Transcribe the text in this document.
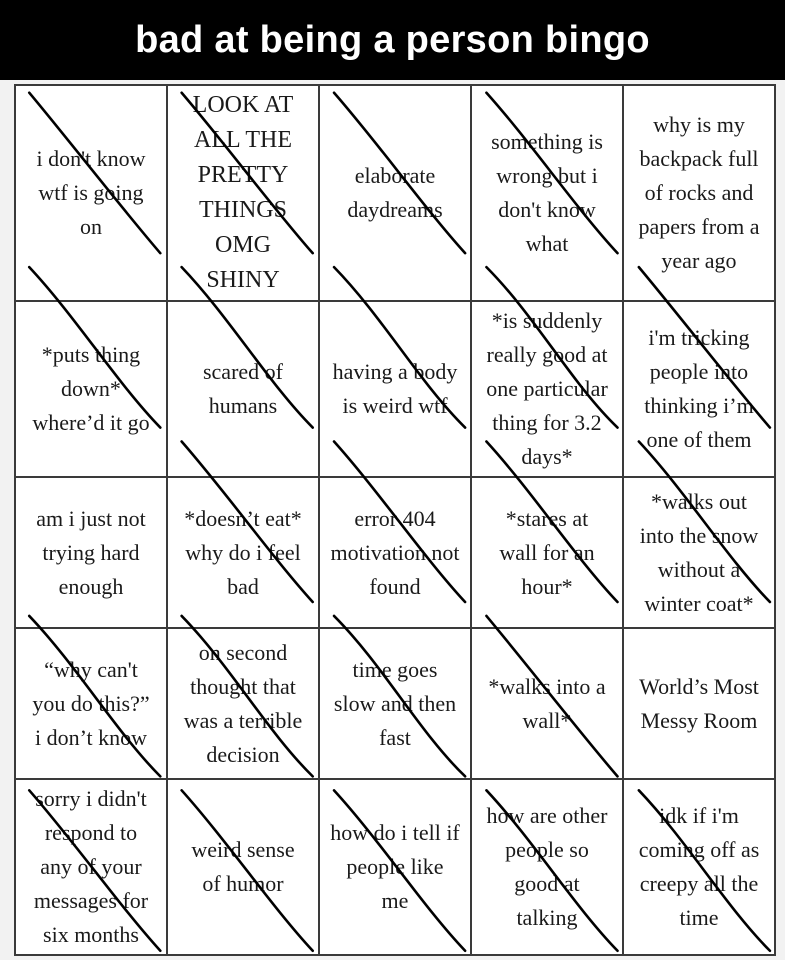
bad at being a person bingo
i don't know
wtf is going
on
LOOK AT
ALL THE
PRETTY
THINGS
OMG
SHINY
elaborate
daydreams
something is
wrong but i
don't know
what
why is my
backpack full
of rocks and
papers from a
year ago
*puts thing
down*
where’d it go
scared of
humans
having a body
is weird wtf
*is suddenly
really good at
one particular
thing for 3.2
days*
i'm tricking
people into
thinking i’m
one of them
am i just not
trying hard
enough
*doesn’t eat*
why do i feel
bad
error 404
motivation not
found
*stares at
wall for an
hour*
*walks out
into the snow
without a
winter coat*
“why can't
you do this?”
i don’t know
on second
thought that
was a terrible
decision
time goes
slow and then
fast
*walks into a
wall*
World’s Most
Messy Room
sorry i didn't
respond to
any of your
messages for
six months
weird sense
of humor
how do i tell if
people like
me
how are other
people so
good at
talking
idk if i'm
coming off as
creepy all the
time
